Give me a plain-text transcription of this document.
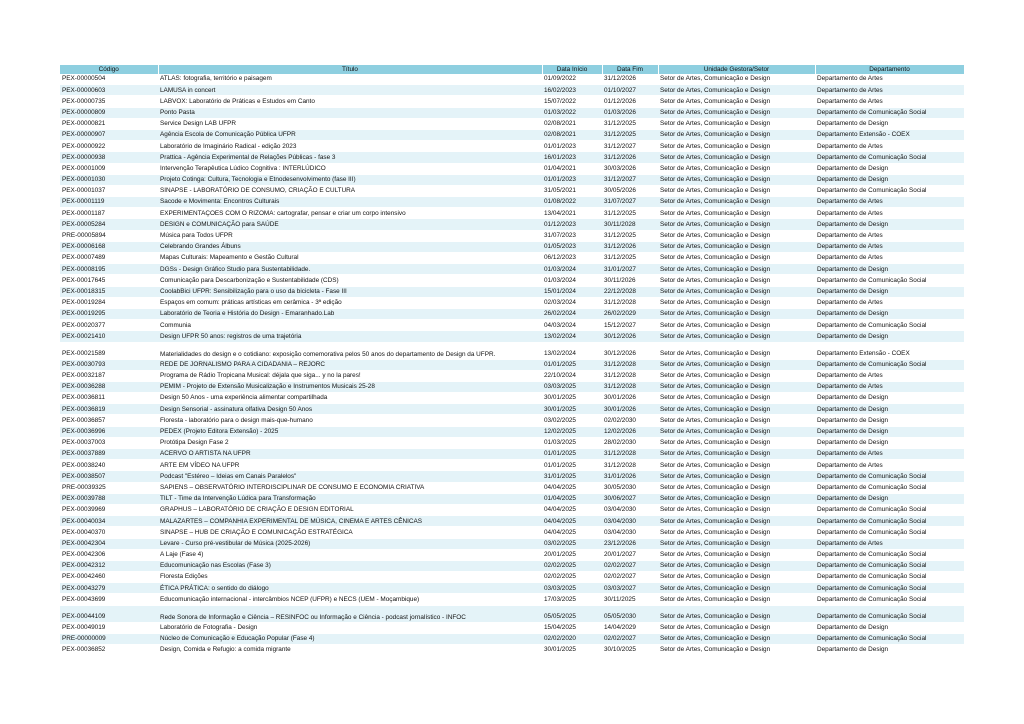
Código	Título	Data Início	Data Fim	Unidade Gestora/Setor	Departamento
PEX-00000504	ATLAS: fotografia, território e paisagem	01/09/2022	31/12/2026	Setor de Artes, Comunicação e Design	Departamento de Artes
PEX-00000603	LAMUSA in concert	16/02/2023	01/10/2027	Setor de Artes, Comunicação e Design	Departamento de Artes
PEX-00000735	LABVOX: Laboratório de Práticas e Estudos em Canto	15/07/2022	01/12/2026	Setor de Artes, Comunicação e Design	Departamento de Artes
PEX-00000809	Ponto Pasta	01/03/2022	01/03/2026	Setor de Artes, Comunicação e Design	Departamento de Comunicação Social
PEX-00000821	Service Design LAB UFPR	02/08/2021	31/12/2025	Setor de Artes, Comunicação e Design	Departamento de Design
PEX-00000907	Agência Escola de Comunicação Pública UFPR	02/08/2021	31/12/2025	Setor de Artes, Comunicação e Design	Departamento Extensão - COEX
PEX-00000922	Laboratório de Imaginário Radical - edição 2023	01/01/2023	31/12/2027	Setor de Artes, Comunicação e Design	Departamento de Artes
PEX-00000938	Prattica - Agência Experimental de Relações Públicas - fase 3	16/01/2023	31/12/2026	Setor de Artes, Comunicação e Design	Departamento de Comunicação Social
PEX-00001009	Intervenção Terapêutica Lúdico Cognitiva : INTERLÚDICO	01/04/2021	30/03/2026	Setor de Artes, Comunicação e Design	Departamento de Design
PEX-00001030	Projeto Cotinga: Cultura, Tecnologia e Etnodesenvolvimento (fase III)	01/01/2023	31/12/2027	Setor de Artes, Comunicação e Design	Departamento de Design
PEX-00001037	SINAPSE - LABORATÓRIO DE CONSUMO, CRIAÇÃO E CULTURA	31/05/2021	30/05/2026	Setor de Artes, Comunicação e Design	Departamento de Comunicação Social
PEX-00001119	Sacode e Movimenta: Encontros Culturais	01/08/2022	31/07/2027	Setor de Artes, Comunicação e Design	Departamento de Artes
PEX-00001187	EXPERIMENTAÇOES COM O RIZOMA: cartografar, pensar e criar um corpo intensivo	13/04/2021	31/12/2025	Setor de Artes, Comunicação e Design	Departamento de Artes
PEX-00005284	DESIGN e COMUNICAÇÃO para SAÚDE	01/12/2023	30/11/2028	Setor de Artes, Comunicação e Design	Departamento de Design
PRE-00005894	Música para Todos UFPR	31/07/2023	31/12/2025	Setor de Artes, Comunicação e Design	Departamento de Artes
PEX-00006168	Celebrando Grandes Álbuns	01/05/2023	31/12/2026	Setor de Artes, Comunicação e Design	Departamento de Artes
PEX-00007489	Mapas Culturais: Mapeamento e Gestão Cultural	06/12/2023	31/12/2025	Setor de Artes, Comunicação e Design	Departamento de Artes
PEX-00008195	DGSs - Design Gráfico Studio para Sustentabilidade.	01/03/2024	31/01/2027	Setor de Artes, Comunicação e Design	Departamento de Design
PEX-00017645	Comunicação para Descarbonização e Sustentabilidade (CDS)	01/03/2024	30/11/2026	Setor de Artes, Comunicação e Design	Departamento de Comunicação Social
PEX-00018315	CoolabBici UFPR: Sensibilização para o uso da bicicleta - Fase III	15/01/2024	22/12/2028	Setor de Artes, Comunicação e Design	Departamento de Design
PEX-00019284	Espaços em comum: práticas artísticas em cerâmica - 3ª edição	02/03/2024	31/12/2028	Setor de Artes, Comunicação e Design	Departamento de Artes
PEX-00019295	Laboratório de Teoria e História do Design - Emaranhado.Lab	26/02/2024	26/02/2029	Setor de Artes, Comunicação e Design	Departamento de Design
PEX-00020377	Communia	04/03/2024	15/12/2027	Setor de Artes, Comunicação e Design	Departamento de Comunicação Social
PEX-00021410	Design UFPR 50 anos: registros de uma trajetória	13/02/2024	30/12/2026	Setor de Artes, Comunicação e Design	Departamento de Design
PEX-00021589	Materialidades do design e o cotidiano: exposição comemorativa pelos 50 anos do departamento de Design da UFPR.	13/02/2024	30/12/2026	Setor de Artes, Comunicação e Design	Departamento Extensão - COEX
PEX-00030793	REDE DE JORNALISMO PARA A CIDADANIA – REJORC	01/01/2025	31/12/2028	Setor de Artes, Comunicação e Design	Departamento de Comunicação Social
PEX-00032187	Programa de Rádio Tropicana Musical: déjala que siga... y no la pares!	22/10/2024	31/12/2028	Setor de Artes, Comunicação e Design	Departamento de Artes
PEX-00036288	PEMIM - Projeto de Extensão Musicalização e Instrumentos Musicais 25-28	03/03/2025	31/12/2028	Setor de Artes, Comunicação e Design	Departamento de Artes
PEX-00036811	Design 50 Anos - uma experiência alimentar compartilhada	30/01/2025	30/01/2026	Setor de Artes, Comunicação e Design	Departamento de Design
PEX-00036819	Design Sensorial - assinatura olfativa Design 50 Anos	30/01/2025	30/01/2026	Setor de Artes, Comunicação e Design	Departamento de Design
PEX-00036857	Floresta - laboratório para o design mais-que-humano	03/02/2025	02/02/2030	Setor de Artes, Comunicação e Design	Departamento de Design
PEX-00036996	PEDEX (Projeto Editora Extensão) - 2025	12/02/2025	12/02/2026	Setor de Artes, Comunicação e Design	Departamento de Design
PEX-00037003	Protótipa Design Fase 2	01/03/2025	28/02/2030	Setor de Artes, Comunicação e Design	Departamento de Design
PEX-00037889	ACERVO O ARTISTA NA UFPR	01/01/2025	31/12/2028	Setor de Artes, Comunicação e Design	Departamento de Artes
PEX-00038240	ARTE EM VÍDEO NA UFPR	01/01/2025	31/12/2028	Setor de Artes, Comunicação e Design	Departamento de Artes
PEX-00038507	Podcast "Estéreo – Ideias em Canais Paralelos"	31/01/2025	31/01/2026	Setor de Artes, Comunicação e Design	Departamento de Comunicação Social
PRE-00039325	SAPIENS – OBSERVATÓRIO INTERDISCIPLINAR DE CONSUMO E ECONOMIA CRIATIVA	04/04/2025	30/05/2030	Setor de Artes, Comunicação e Design	Departamento de Comunicação Social
PEX-00039788	TILT - Time da Intervenção Lúdica para Transformação	01/04/2025	30/06/2027	Setor de Artes, Comunicação e Design	Departamento de Design
PEX-00039969	GRAPHUS – LABORATÓRIO DE CRIAÇÃO E DESIGN EDITORIAL	04/04/2025	03/04/2030	Setor de Artes, Comunicação e Design	Departamento de Comunicação Social
PEX-00040034	MALAZARTES – COMPANHIA EXPERIMENTAL DE MÚSICA, CINEMA E ARTES CÊNICAS	04/04/2025	03/04/2030	Setor de Artes, Comunicação e Design	Departamento de Comunicação Social
PEX-00040370	SINAPSE – HUB DE CRIAÇÃO E COMUNICAÇÃO ESTRATÉGICA	04/04/2025	03/04/2030	Setor de Artes, Comunicação e Design	Departamento de Comunicação Social
PEX-00042304	Levare - Curso pré-vestibular de Música (2025-2026)	03/02/2025	23/12/2026	Setor de Artes, Comunicação e Design	Departamento de Artes
PEX-00042306	A Laje (Fase 4)	20/01/2025	20/01/2027	Setor de Artes, Comunicação e Design	Departamento de Comunicação Social
PEX-00042312	Educomunicação nas Escolas (Fase 3)	02/02/2025	02/02/2027	Setor de Artes, Comunicação e Design	Departamento de Comunicação Social
PEX-00042460	Floresta Edições	02/02/2025	02/02/2027	Setor de Artes, Comunicação e Design	Departamento de Comunicação Social
PEX-00043279	ÉTICA PRÁTICA: o sentido do diálogo	03/03/2025	03/03/2027	Setor de Artes, Comunicação e Design	Departamento de Comunicação Social
PEX-00043699	Educomunicação internacional - intercâmbios NCEP (UFPR) e NECS (UEM - Moçambique)	17/03/2025	30/11/2025	Setor de Artes, Comunicação e Design	Departamento de Comunicação Social
PEX-00044109	Rede Sonora de Informação e Ciência – RESINFOC ou Informação e Ciência - podcast jornalístico - INFOC	05/05/2025	05/05/2030	Setor de Artes, Comunicação e Design	Departamento de Comunicação Social
PEX-00049019	Laboratório de Fotografia - Design	15/04/2025	14/04/2029	Setor de Artes, Comunicação e Design	Departamento de Design
PRE-00000009	Núcleo de Comunicação e Educação Popular (Fase 4)	02/02/2020	02/02/2027	Setor de Artes, Comunicação e Design	Departamento de Comunicação Social
PEX-00036852	Design, Comida e Refugio: a comida migrante	30/01/2025	30/10/2025	Setor de Artes, Comunicação e Design	Departamento de Design
